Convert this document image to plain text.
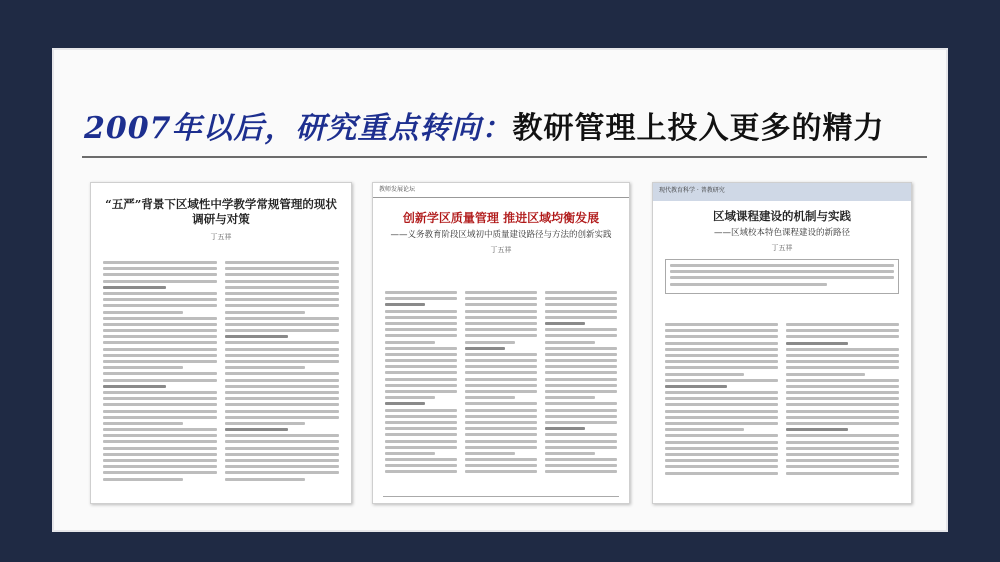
2007年以后，研究重点转向：教研管理上投入更多的精力
“五严”背景下区域性中学教学常规管理的现状调研与对策
丁五祥
教师发展论坛
创新学区质量管理 推进区域均衡发展
——义务教育阶段区域初中质量建设路径与方法的创新实践
丁五祥
现代教育科学 · 普教研究
区域课程建设的机制与实践
——区域校本特色课程建设的新路径
丁五祥
